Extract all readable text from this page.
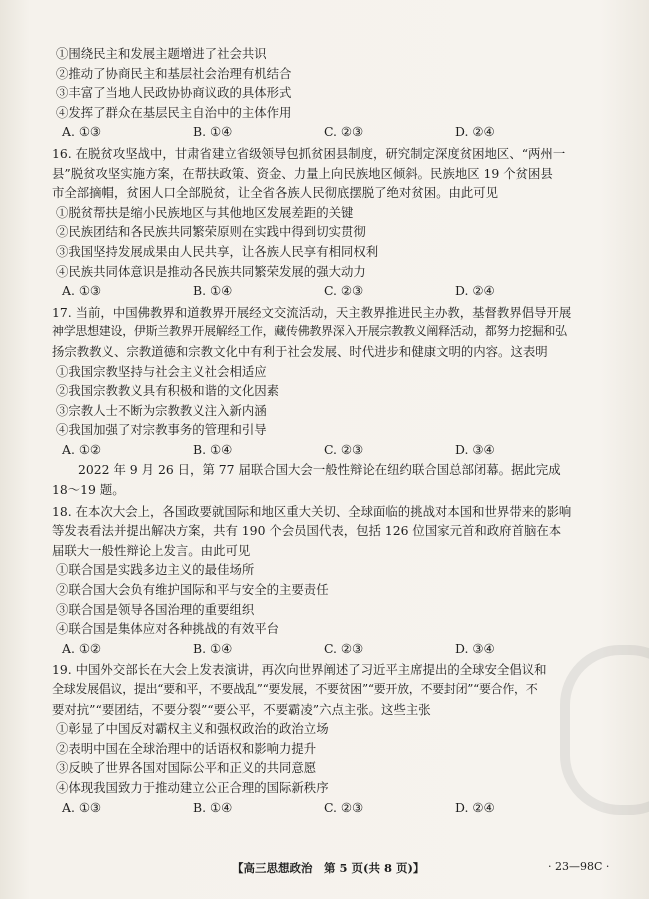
①围绕民主和发展主题增进了社会共识
②推动了协商民主和基层社会治理有机结合
③丰富了当地人民政协协商议政的具体形式
④发挥了群众在基层民主自治中的主体作用
A. ①③	B. ①④	C. ②③	D. ②④
16. 在脱贫攻坚战中，甘肃省建立省级领导包抓贫困县制度，研究制定深度贫困地区、“两州一
县”脱贫攻坚实施方案，在帮扶政策、资金、力量上向民族地区倾斜。民族地区 19 个贫困县
市全部摘帽，贫困人口全部脱贫，让全省各族人民彻底摆脱了绝对贫困。由此可见
①脱贫帮扶是缩小民族地区与其他地区发展差距的关键
②民族团结和各民族共同繁荣原则在实践中得到切实贯彻
③我国坚持发展成果由人民共享，让各族人民享有相同权利
④民族共同体意识是推动各民族共同繁荣发展的强大动力
A. ①③	B. ①④	C. ②③	D. ②④
17. 当前，中国佛教界和道教界开展经文交流活动，天主教界推进民主办教，基督教界倡导开展
神学思想建设，伊斯兰教界开展解经工作，藏传佛教界深入开展宗教教义阐释活动，都努力挖掘和弘
扬宗教教义、宗教道德和宗教文化中有利于社会发展、时代进步和健康文明的内容。这表明
①我国宗教坚持与社会主义社会相适应
②我国宗教教义具有积极和谐的文化因素
③宗教人士不断为宗教教义注入新内涵
④我国加强了对宗教事务的管理和引导
A. ①②	B. ①④	C. ②③	D. ③④
2022 年 9 月 26 日，第 77 届联合国大会一般性辩论在纽约联合国总部闭幕。据此完成
18～19 题。
18. 在本次大会上，各国政要就国际和地区重大关切、全球面临的挑战对本国和世界带来的影响
等发表看法并提出解决方案，共有 190 个会员国代表，包括 126 位国家元首和政府首脑在本
届联大一般性辩论上发言。由此可见
①联合国是实践多边主义的最佳场所
②联合国大会负有维护国际和平与安全的主要责任
③联合国是领导各国治理的重要组织
④联合国是集体应对各种挑战的有效平台
A. ①②	B. ①④	C. ②③	D. ③④
19. 中国外交部长在大会上发表演讲，再次向世界阐述了习近平主席提出的全球安全倡议和
全球发展倡议，提出“要和平，不要战乱”“要发展，不要贫困”“要开放，不要封闭”“要合作，不
要对抗”“要团结，不要分裂”“要公平，不要霸凌”六点主张。这些主张
①彰显了中国反对霸权主义和强权政治的政治立场
②表明中国在全球治理中的话语权和影响力提升
③反映了世界各国对国际公平和正义的共同意愿
④体现我国致力于推动建立公正合理的国际新秩序
A. ①③	B. ①④	C. ②③	D. ②④
【高三思想政治　第 5 页(共 8 页)】	· 23—98C ·
